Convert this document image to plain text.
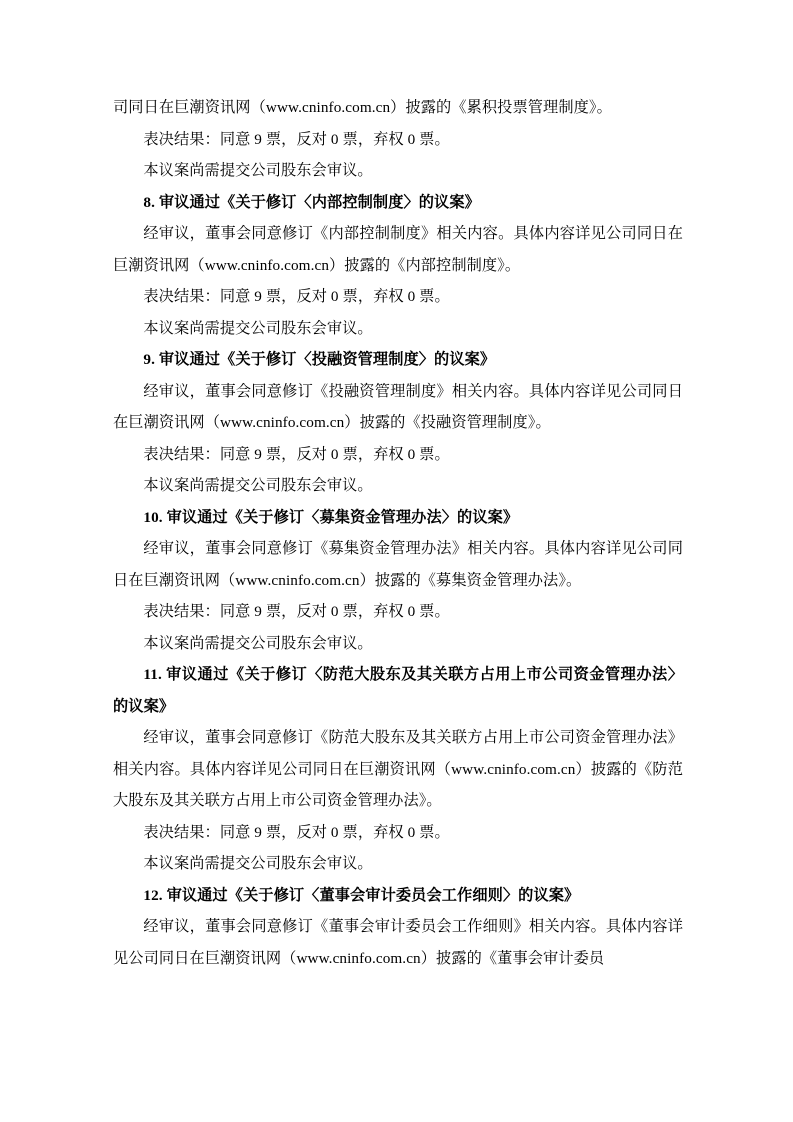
司同日在巨潮资讯网（www.cninfo.com.cn）披露的《累积投票管理制度》。

表决结果：同意 9 票，反对 0 票，弃权 0 票。

本议案尚需提交公司股东会审议。

8. 审议通过《关于修订〈内部控制制度〉的议案》

经审议，董事会同意修订《内部控制制度》相关内容。具体内容详见公司同日在巨潮资讯网（www.cninfo.com.cn）披露的《内部控制制度》。

表决结果：同意 9 票，反对 0 票，弃权 0 票。

本议案尚需提交公司股东会审议。

9. 审议通过《关于修订〈投融资管理制度〉的议案》

经审议，董事会同意修订《投融资管理制度》相关内容。具体内容详见公司同日在巨潮资讯网（www.cninfo.com.cn）披露的《投融资管理制度》。

表决结果：同意 9 票，反对 0 票，弃权 0 票。

本议案尚需提交公司股东会审议。

10. 审议通过《关于修订〈募集资金管理办法〉的议案》

经审议，董事会同意修订《募集资金管理办法》相关内容。具体内容详见公司同日在巨潮资讯网（www.cninfo.com.cn）披露的《募集资金管理办法》。

表决结果：同意 9 票，反对 0 票，弃权 0 票。

本议案尚需提交公司股东会审议。

11. 审议通过《关于修订〈防范大股东及其关联方占用上市公司资金管理办法〉的议案》

经审议，董事会同意修订《防范大股东及其关联方占用上市公司资金管理办法》相关内容。具体内容详见公司同日在巨潮资讯网（www.cninfo.com.cn）披露的《防范大股东及其关联方占用上市公司资金管理办法》。

表决结果：同意 9 票，反对 0 票，弃权 0 票。

本议案尚需提交公司股东会审议。

12. 审议通过《关于修订〈董事会审计委员会工作细则〉的议案》

经审议，董事会同意修订《董事会审计委员会工作细则》相关内容。具体内容详见公司同日在巨潮资讯网（www.cninfo.com.cn）披露的《董事会审计委员
